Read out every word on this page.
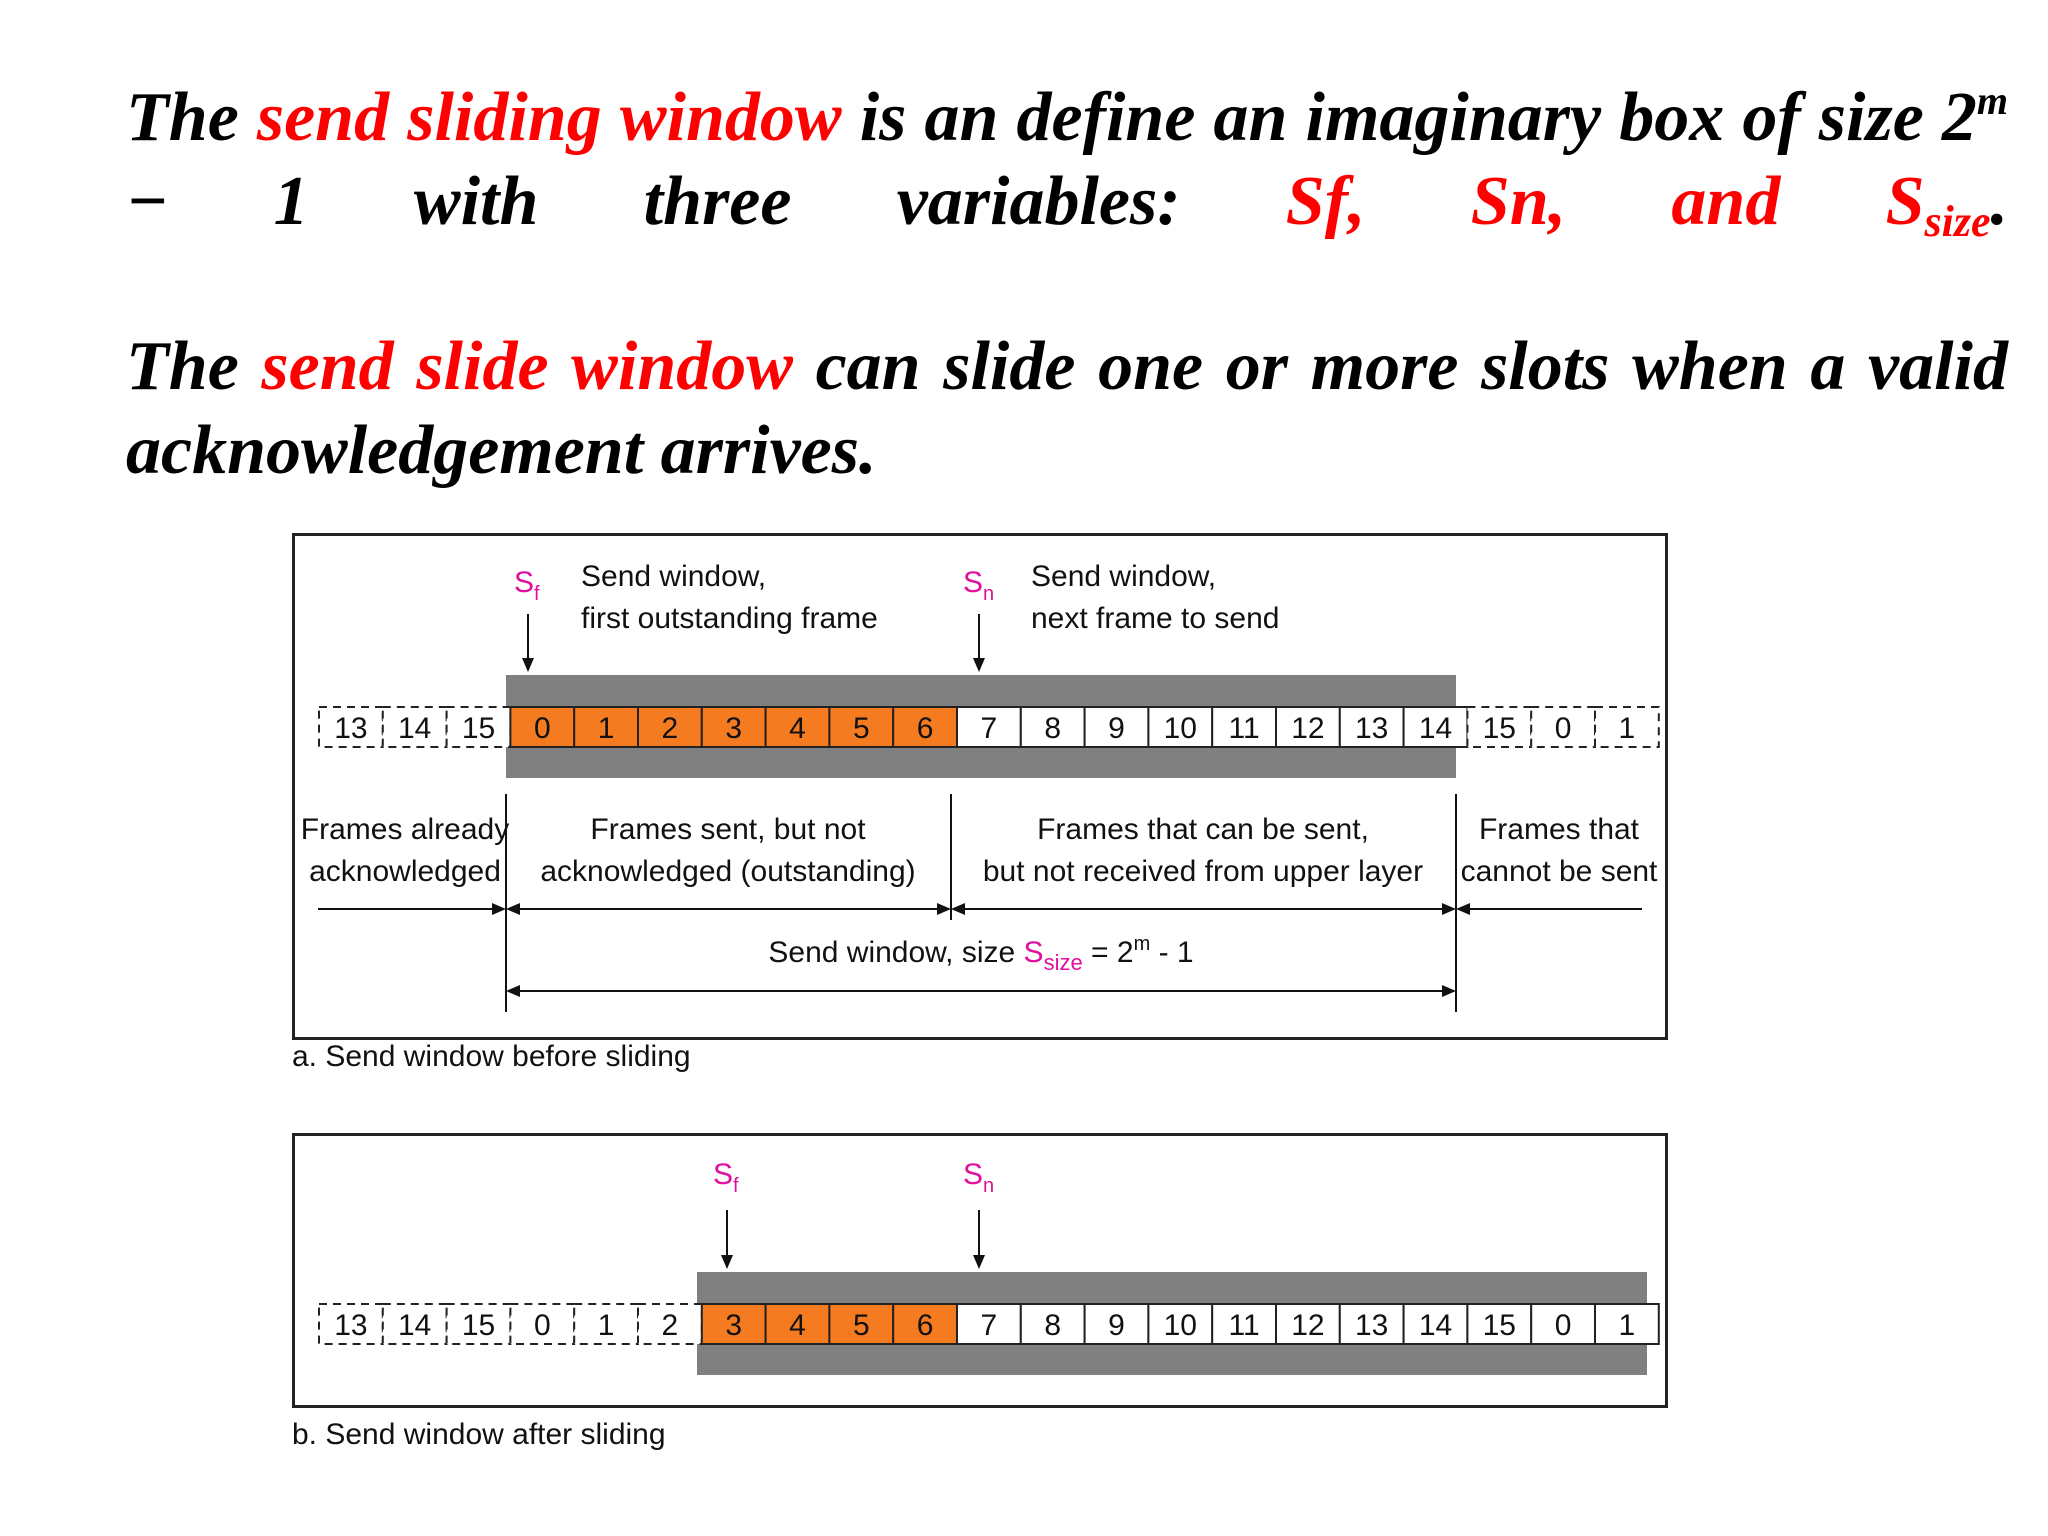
The send sliding window is an define an imaginary box of size $2^m - 1$ with three variables: Sf, Sn, and $S_{size}$.
The send slide window can slide one or more slots when a valid acknowledgement arrives.
13 14 15 0 1 2 3 4 5 6 7 8 9 10 11 12 13 14 15 0 1
$S_f$
Send window,
first outstanding frame
$S_n$
Send window,
next frame to send
Frames already
acknowledged
Frames sent, but not
acknowledged (outstanding)
Frames that can be sent,
but not received from upper layer
Frames that
cannot be sent
Send window, size $S_{size} = 2^m - 1$
a. Send window before sliding
13 14 15 0 1 2 3 4 5 6 7 8 9 10 11 12 13 14 15 0 1
$S_f$	$S_n$
b. Send window after sliding
